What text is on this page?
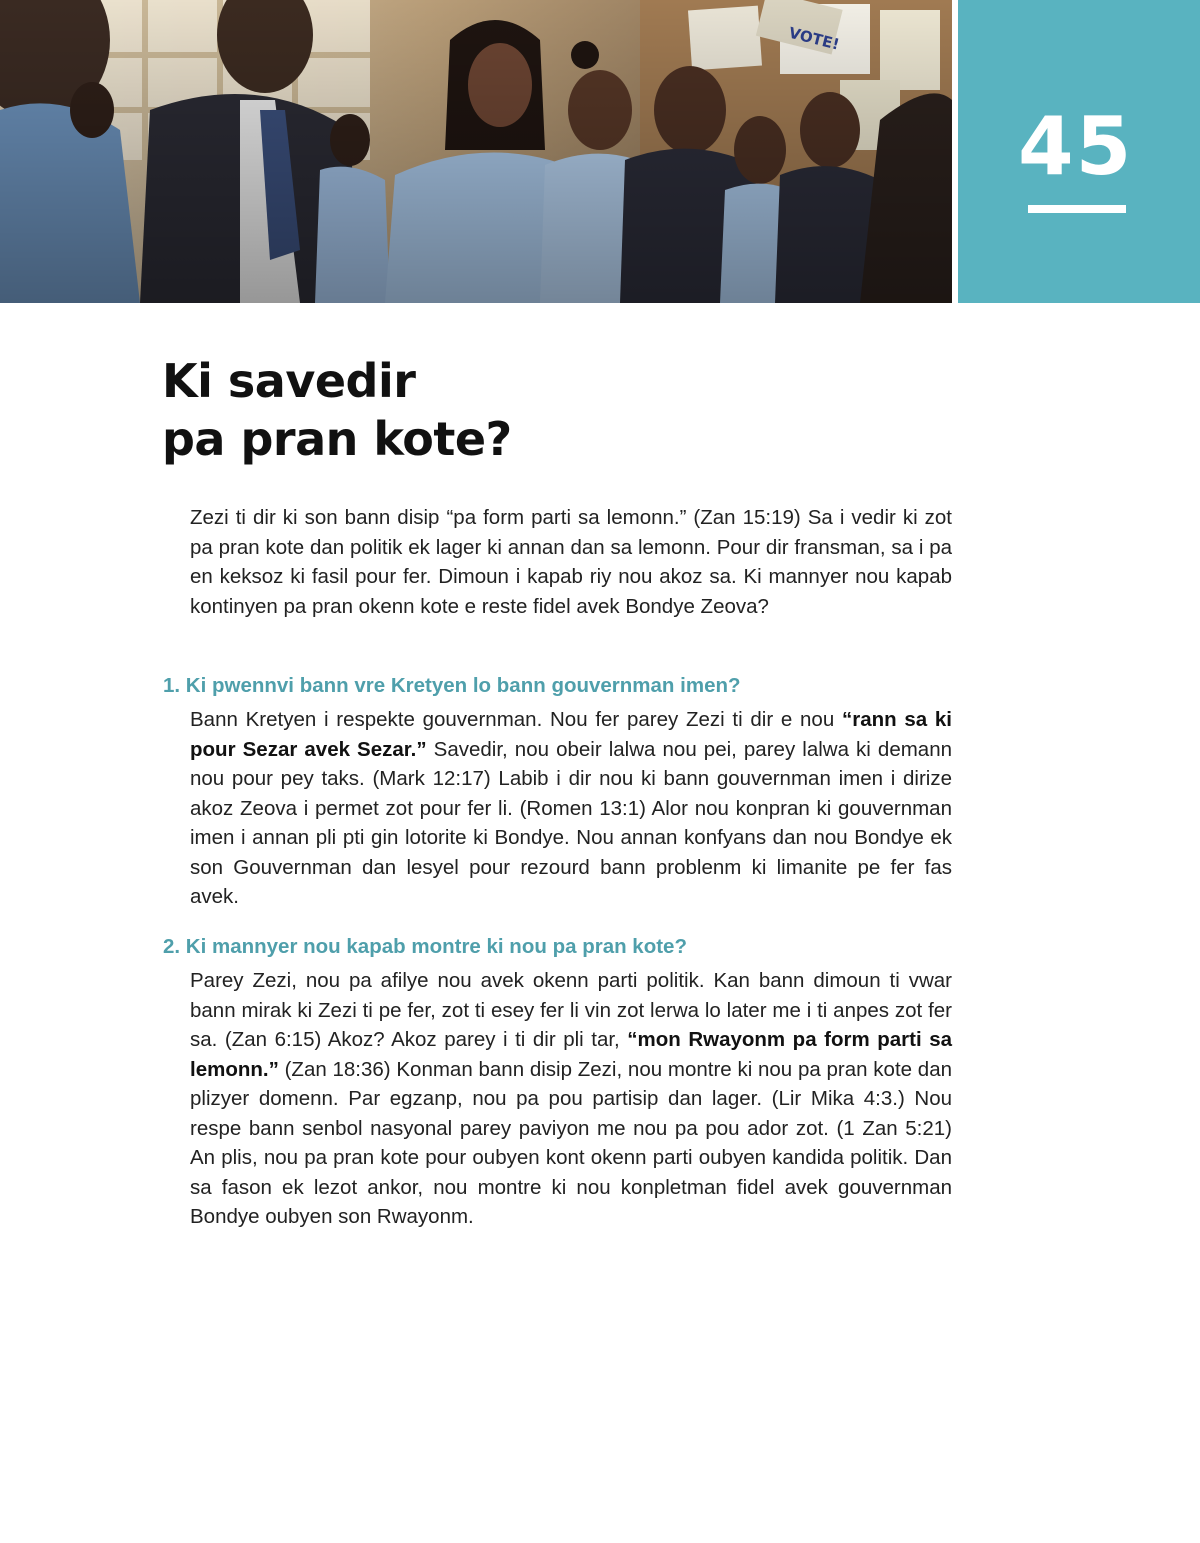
45
Ki savedir
pa pran kote?

Zezi ti dir ki son bann disip “pa form parti sa lemonn.” (Zan 15:19) Sa i vedir ki zot pa pran kote dan politik ek lager ki annan dan sa lemonn. Pour dir fransman, sa i pa en keksoz ki fasil pour fer. Dimoun i kapab riy nou akoz sa. Ki mannyer nou kapab kontinyen pa pran okenn kote e reste fidel avek Bondye Zeova?

1. Ki pwennvi bann vre Kretyen lo bann gouvernman imen?

Bann Kretyen i respekte gouvernman. Nou fer parey Zezi ti dir e nou “rann sa ki pour Sezar avek Sezar.” Savedir, nou obeir lalwa nou pei, parey lalwa ki demann nou pour pey taks. (Mark 12:17) Labib i dir nou ki bann gouvernman imen i dirize akoz Zeova i permet zot pour fer li. (Romen 13:1) Alor nou konpran ki gouvernman imen i annan pli pti gin lotorite ki Bondye. Nou annan konfyans dan nou Bondye ek son Gouvernman dan lesyel pour rezourd bann problenm ki limanite pe fer fas avek.

2. Ki mannyer nou kapab montre ki nou pa pran kote?

Parey Zezi, nou pa afilye nou avek okenn parti politik. Kan bann dimoun ti vwar bann mirak ki Zezi ti pe fer, zot ti esey fer li vin zot lerwa lo later me i ti anpes zot fer sa. (Zan 6:15) Akoz? Akoz parey i ti dir pli tar, “mon Rwayonm pa form parti sa lemonn.” (Zan 18:36) Konman bann disip Zezi, nou montre ki nou pa pran kote dan plizyer domenn. Par egzanp, nou pa pou partisip dan lager. (Lir Mika 4:3.) Nou respe bann senbol nasyonal parey paviyon me nou pa pou ador zot. (1 Zan 5:21) An plis, nou pa pran kote pour oubyen kont okenn parti oubyen kandida politik. Dan sa fason ek lezot ankor, nou montre ki nou konpletman fidel avek gouvernman Bondye oubyen son Rwayonm.
